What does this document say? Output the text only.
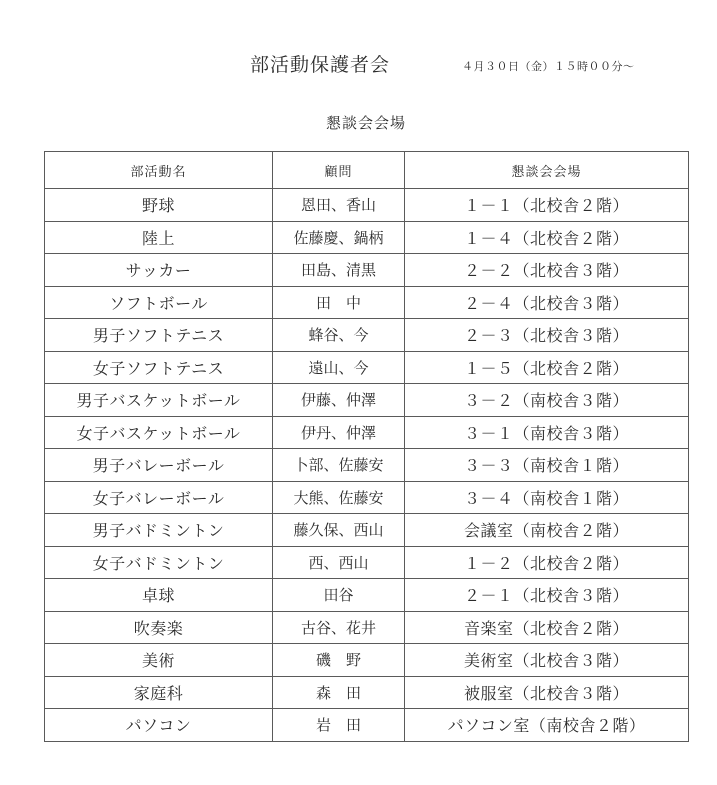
部活動保護者会	４月３０日（金）１５時００分～
懇談会会場
部活動名	顧問	懇談会会場
野球	恩田、香山	１－１（北校舎２階）
陸上	佐藤慶、鍋柄	１－４（北校舎２階）
サッカー	田島、清黒	２－２（北校舎３階）
ソフトボール	田　中	２－４（北校舎３階）
男子ソフトテニス	蜂谷、今	２－３（北校舎３階）
女子ソフトテニス	遠山、今	１－５（北校舎２階）
男子バスケットボール	伊藤、仲澤	３－２（南校舎３階）
女子バスケットボール	伊丹、仲澤	３－１（南校舎３階）
男子バレーボール	卜部、佐藤安	３－３（南校舎１階）
女子バレーボール	大熊、佐藤安	３－４（南校舎１階）
男子バドミントン	藤久保、西山	会議室（南校舎２階）
女子バドミントン	西、西山	１－２（北校舎２階）
卓球	田谷	２－１（北校舎３階）
吹奏楽	古谷、花井	音楽室（北校舎２階）
美術	磯　野	美術室（北校舎３階）
家庭科	森　田	被服室（北校舎３階）
パソコン	岩　田	パソコン室（南校舎２階）
